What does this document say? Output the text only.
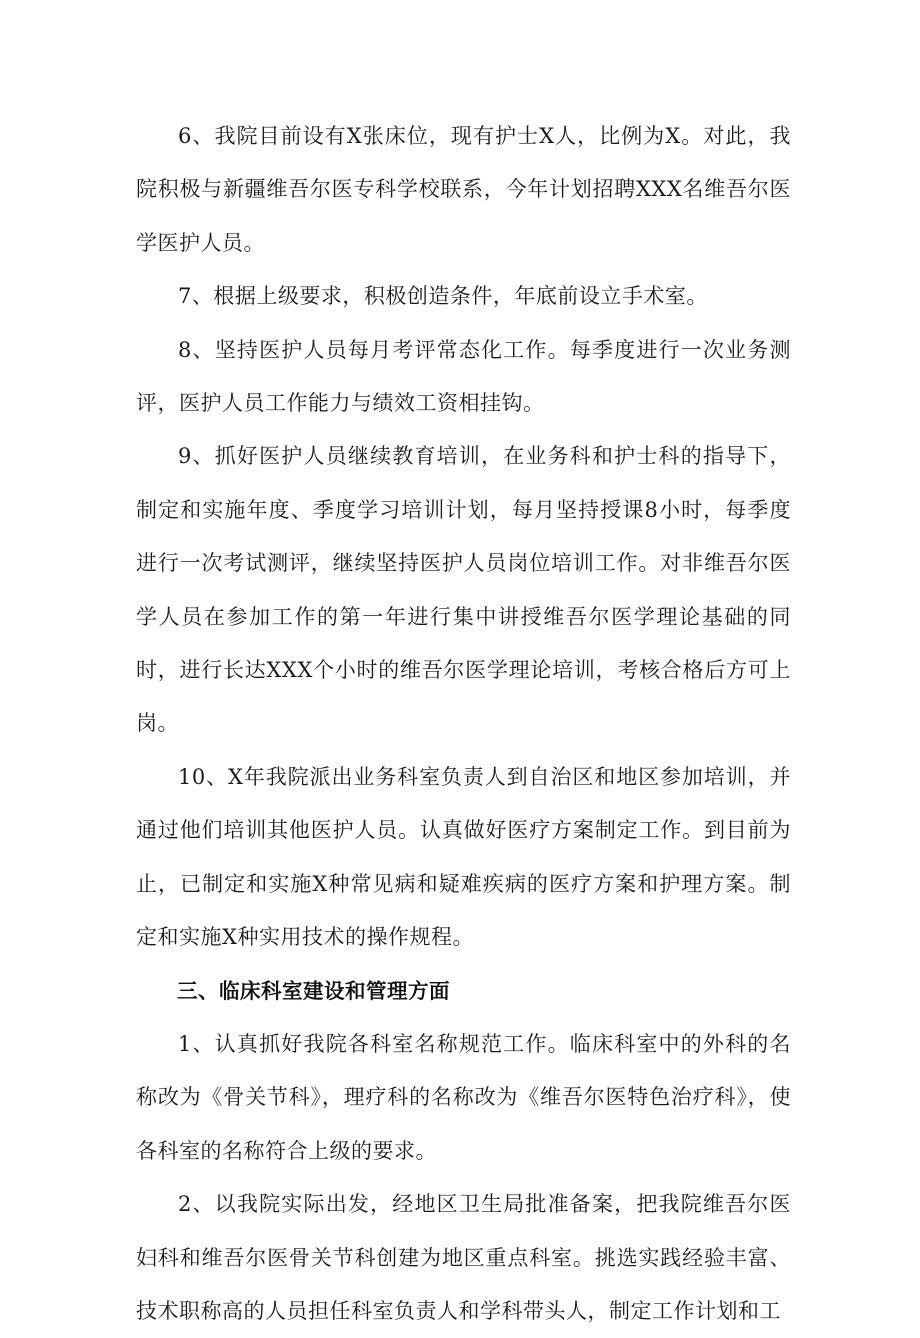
6、我院目前设有X张床位，现有护士X人，比例为X。对此，我院积极与新疆维吾尔医专科学校联系，今年计划招聘XXX名维吾尔医学医护人员。

7、根据上级要求，积极创造条件，年底前设立手术室。

8、坚持医护人员每月考评常态化工作。每季度进行一次业务测评，医护人员工作能力与绩效工资相挂钩。

9、抓好医护人员继续教育培训，在业务科和护士科的指导下，制定和实施年度、季度学习培训计划，每月坚持授课8小时，每季度进行一次考试测评，继续坚持医护人员岗位培训工作。对非维吾尔医学人员在参加工作的第一年进行集中讲授维吾尔医学理论基础的同时，进行长达XXX个小时的维吾尔医学理论培训，考核合格后方可上岗。

10、X年我院派出业务科室负责人到自治区和地区参加培训，并通过他们培训其他医护人员。认真做好医疗方案制定工作。到目前为止，已制定和实施X种常见病和疑难疾病的医疗方案和护理方案。制定和实施X种实用技术的操作规程。

三、临床科室建设和管理方面

1、认真抓好我院各科室名称规范工作。临床科室中的外科的名称改为《骨关节科》，理疗科的名称改为《维吾尔医特色治疗科》，使各科室的名称符合上级的要求。

2、以我院实际出发，经地区卫生局批准备案，把我院维吾尔医妇科和维吾尔医骨关节科创建为地区重点科室。挑选实践经验丰富、技术职称高的人员担任科室负责人和学科带头人，制定工作计划和工
